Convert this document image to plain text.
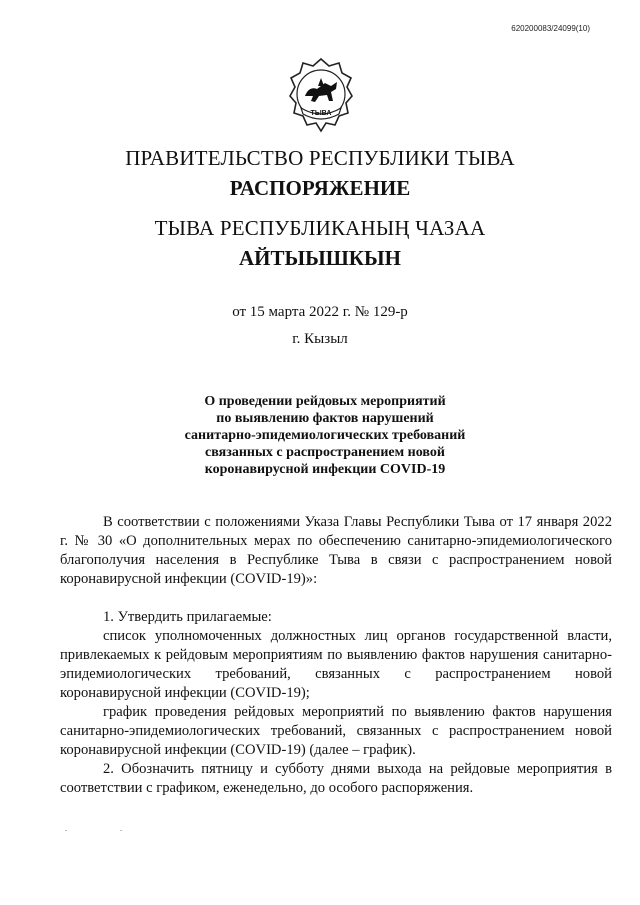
620200083/24099(10)
ТЫВА
ПРАВИТЕЛЬСТВО РЕСПУБЛИКИ ТЫВА
РАСПОРЯЖЕНИЕ
ТЫВА РЕСПУБЛИКАНЫҢ ЧАЗАА
АЙТЫЫШКЫН
от 15 марта 2022 г. № 129-р
г. Кызыл
О проведении рейдовых мероприятий
по выявлению фактов нарушений
санитарно-эпидемиологических требований
связанных с распространением новой
коронавирусной инфекции COVID-19

В соответствии с положениями Указа Главы Республики Тыва от 17 января 2022 г. № 30 «О дополнительных мерах по обеспечению санитарно-эпидемиологического благополучия населения в Республике Тыва в связи с распространением новой коронавирусной инфекции (COVID-19)»:

1. Утвердить прилагаемые:

список уполномоченных должностных лиц органов государственной власти, привлекаемых к рейдовым мероприятиям по выявлению фактов нарушения санитарно-эпидемиологических требований, связанных с распространением новой коронавирусной инфекции (COVID-19);

график проведения рейдовых мероприятий по выявлению фактов нарушения санитарно-эпидемиологических требований, связанных с распространением новой коронавирусной инфекции (COVID-19) (далее – график).

2. Обозначить пятницу и субботу днями выхода на рейдовые мероприятия в соответствии с графиком, еженедельно, до особого распоряжения.
